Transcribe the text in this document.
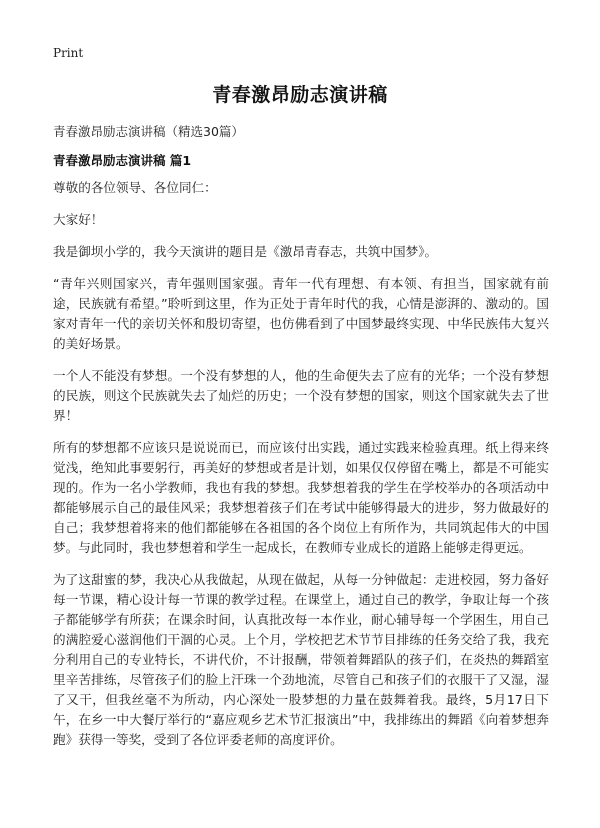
Print
青春激昂励志演讲稿
青春激昂励志演讲稿（精选30篇）
青春激昂励志演讲稿 篇1

尊敬的各位领导、各位同仁：

大家好！

我是御坝小学的，我今天演讲的题目是《激昂青春志，共筑中国梦》。

“青年兴则国家兴，青年强则国家强。青年一代有理想、有本领、有担当，国家就有前途，民族就有希望。”聆听到这里，作为正处于青年时代的我，心情是澎湃的、激动的。国家对青年一代的亲切关怀和殷切寄望，也仿佛看到了中国梦最终实现、中华民族伟大复兴的美好场景。

一个人不能没有梦想。一个没有梦想的人，他的生命便失去了应有的光华；一个没有梦想的民族，则这个民族就失去了灿烂的历史；一个没有梦想的国家，则这个国家就失去了世界！

所有的梦想都不应该只是说说而已，而应该付出实践，通过实践来检验真理。纸上得来终觉浅，绝知此事要躬行，再美好的梦想或者是计划，如果仅仅停留在嘴上，都是不可能实现的。作为一名小学教师，我也有我的梦想。我梦想着我的学生在学校举办的各项活动中都能够展示自己的最佳风采；我梦想着孩子们在考试中能够得最大的进步，努力做最好的自己；我梦想着将来的他们都能够在各祖国的各个岗位上有所作为，共同筑起伟大的中国梦。与此同时，我也梦想着和学生一起成长，在教师专业成长的道路上能够走得更远。

为了这甜蜜的梦，我决心从我做起，从现在做起，从每一分钟做起：走进校园，努力备好每一节课，精心设计每一节课的教学过程。在课堂上，通过自己的教学，争取让每一个孩子都能够学有所获；在课余时间，认真批改每一本作业，耐心辅导每一个学困生，用自己的满腔爱心滋润他们干涸的心灵。上个月，学校把艺术节节目排练的任务交给了我，我充分利用自己的专业特长，不讲代价，不计报酬，带领着舞蹈队的孩子们，在炎热的舞蹈室里辛苦排练，尽管孩子们的脸上汗珠一个劲地流，尽管自己和孩子们的衣服干了又湿，湿了又干，但我丝毫不为所动，内心深处一股梦想的力量在鼓舞着我。最终，5月17日下午，在乡一中大餐厅举行的“嘉应观乡艺术节汇报演出”中，我排练出的舞蹈《向着梦想奔跑》获得一等奖，受到了各位评委老师的高度评价。
